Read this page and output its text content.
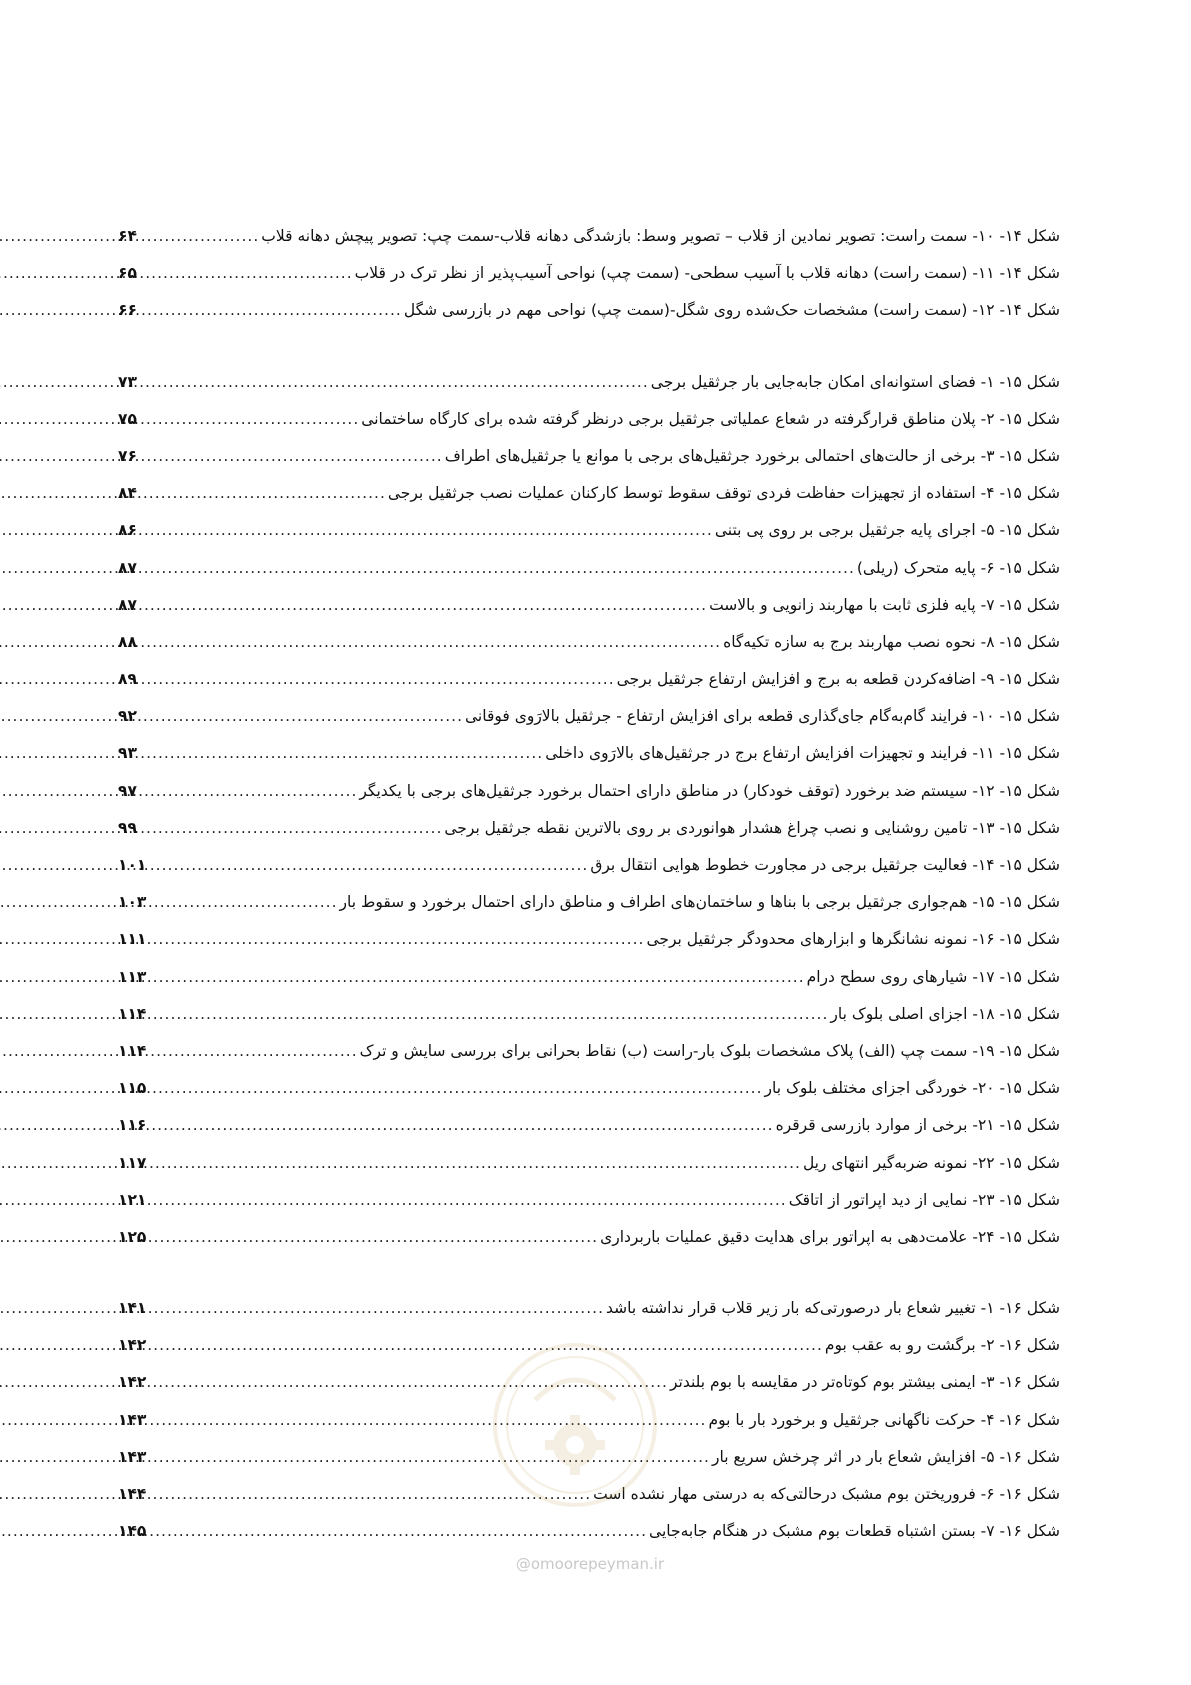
شکل ۱۴- ۱۰- سمت راست: تصویر نمادین از قلاب – تصویر وسط: بازشدگی دهانه قلاب-سمت چپ: تصویر پیچش دهانه قلاب
.....
۶۴
شکل ۱۴- ۱۱- (سمت راست) دهانه قلاب با آسیب سطحی- (سمت چپ) نواحی آسیب‌پذیر از نظر ترک در قلاب
.....
۶۵
شکل ۱۴- ۱۲- (سمت راست) مشخصات حک‌شده روی شگل-(سمت چپ) نواحی مهم در بازرسی شگل
.....
۶۶
شکل ۱۵- ۱- فضای استوانه‌ای امکان جابه‌جایی بار جرثقیل برجی
.....
۷۳
شکل ۱۵- ۲- پلان مناطق قرارگرفته در شعاع عملیاتی جرثقیل برجی درنظر گرفته شده برای کارگاه ساختمانی
.....
۷۵
شکل ۱۵- ۳- برخی از حالت‌های احتمالی برخورد جرثقیل‌های برجی با موانع یا جرثقیل‌های اطراف
.....
۷۶
شکل ۱۵- ۴- استفاده از تجهیزات حفاظت فردی توقف سقوط توسط کارکنان عملیات نصب جرثقیل برجی
.....
۸۴
شکل ۱۵- ۵- اجرای پایه جرثقیل برجی بر روی پی بتنی
.....
۸۶
شکل ۱۵- ۶- پایه متحرک (ریلی)
.....
۸۷
شکل ۱۵- ۷- پایه فلزی ثابت با مهاربند زانویی و بالاست
.....
۸۷
شکل ۱۵- ۸- نحوه نصب مهاربند برج به سازه تکیه‌گاه
.....
۸۸
شکل ۱۵- ۹- اضافه‌کردن قطعه به برج و افزایش ارتفاع جرثقیل برجی
.....
۸۹
شکل ۱۵- ۱۰- فرایند گام‌به‌گام جای‌گذاری قطعه برای افزایش ارتفاع - جرثقیل بالارَوی فوقانی
.....
۹۲
شکل ۱۵- ۱۱- فرایند و تجهیزات افزایش ارتفاع برج در جرثقیل‌های بالارَوی داخلی
.....
۹۳
شکل ۱۵- ۱۲- سیستم ضد برخورد (توقف خودکار) در مناطق دارای احتمال برخورد جرثقیل‌های برجی با یکدیگر
.....
۹۷
شکل ۱۵- ۱۳- تامین روشنایی و نصب چراغ هشدار هوانوردی بر روی بالاترین نقطه جرثقیل برجی
.....
۹۹
شکل ۱۵- ۱۴- فعالیت جرثقیل برجی در مجاورت خطوط هوایی انتقال برق
.....
۱۰۱
شکل ۱۵- ۱۵- هم‌جواری جرثقیل برجی با بناها و ساختمان‌های اطراف و مناطق دارای احتمال برخورد و سقوط بار
.....
۱۰۳
شکل ۱۵- ۱۶- نمونه نشانگرها و ابزارهای محدودگر جرثقیل برجی
.....
۱۱۱
شکل ۱۵- ۱۷- شیارهای روی سطح درام
.....
۱۱۳
شکل ۱۵- ۱۸- اجزای اصلی بلوک بار
.....
۱۱۴
شکل ۱۵- ۱۹- سمت چپ (الف) پلاک مشخصات بلوک بار-راست (ب) نقاط بحرانی برای بررسی سایش و ترک
.....
۱۱۴
شکل ۱۵- ۲۰- خوردگی اجزای مختلف بلوک بار
.....
۱۱۵
شکل ۱۵- ۲۱- برخی از موارد بازرسی قرقره
.....
۱۱۶
شکل ۱۵- ۲۲- نمونه ضربه‌گیر انتهای ریل
.....
۱۱۷
شکل ۱۵- ۲۳- نمایی از دید اپراتور از اتاقک
.....
۱۲۱
شکل ۱۵- ۲۴- علامت‌دهی به اپراتور برای هدایت دقیق عملیات باربرداری
.....
۱۲۵
شکل ۱۶- ۱- تغییر شعاع بار درصورتی‌که بار زیر قلاب قرار نداشته باشد
.....
۱۴۱
شکل ۱۶- ۲- برگشت رو به عقب بوم
.....
۱۴۲
شکل ۱۶- ۳- ایمنی بیشتر بوم کوتاه‌تر در مقایسه با بوم بلندتر
.....
۱۴۲
شکل ۱۶- ۴- حرکت ناگهانی جرثقیل و برخورد بار با بوم
.....
۱۴۳
شکل ۱۶- ۵- افزایش شعاع بار در اثر چرخش سریع بار
.....
۱۴۳
شکل ۱۶- ۶- فروریختن بوم مشبک درحالتی‌که به درستی مهار نشده است
.....
۱۴۴
شکل ۱۶- ۷- بستن اشتباه قطعات بوم مشبک در هنگام جابه‌جایی
.....
۱۴۵
@omoorepeyman.ir
